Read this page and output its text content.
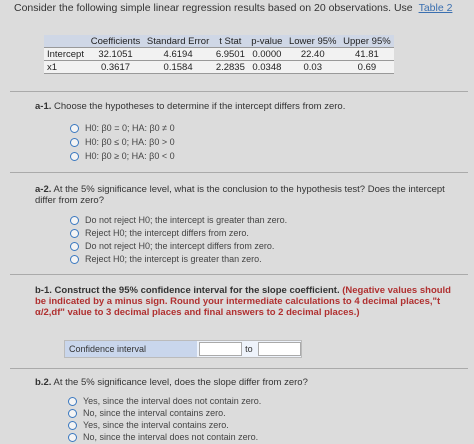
Consider the following simple linear regression results based on 20 observations. Use Table 2
	Coefficients	Standard Error	t Stat	p-value	Lower 95%	Upper 95%
Intercept	32.1051	4.6194	6.9501	0.0000	22.40	41.81
x1	0.3617	0.1584	2.2835	0.0348	0.03	0.69
a-1. Choose the hypotheses to determine if the intercept differs from zero.
H0: β0 = 0; HA: β0 ≠ 0
H0: β0 ≤ 0; HA: β0 > 0
H0: β0 ≥ 0; HA: β0 < 0
a-2. At the 5% significance level, what is the conclusion to the hypothesis test? Does the intercept differ from zero?
Do not reject H0; the intercept is greater than zero.
Reject H0; the intercept differs from zero.
Do not reject H0; the intercept differs from zero.
Reject H0; the intercept is greater than zero.
b-1. Construct the 95% confidence interval for the slope coefficient. (Negative values should be indicated by a minus sign. Round your intermediate calculations to 4 decimal places,"t α/2,df" value to 3 decimal places and final answers to 2 decimal places.)
Confidence interval	to
b.2. At the 5% significance level, does the slope differ from zero?
Yes, since the interval does not contain zero.
No, since the interval contains zero.
Yes, since the interval contains zero.
No, since the interval does not contain zero.
